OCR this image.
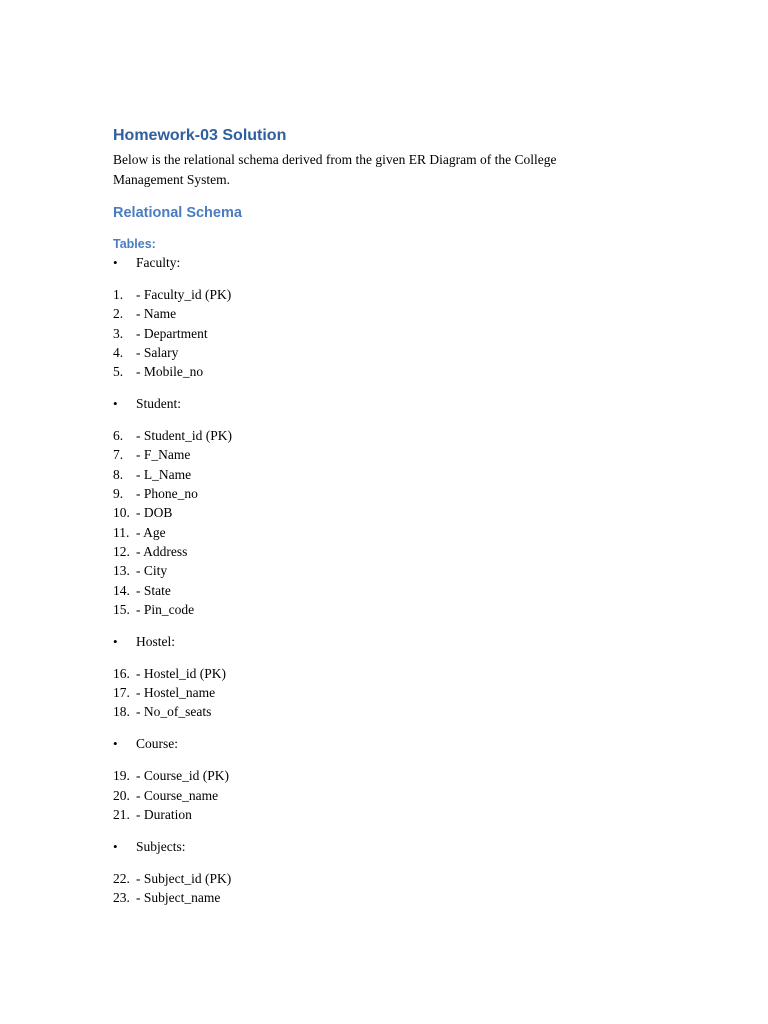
Homework-03 Solution

Below is the relational schema derived from the given ER Diagram of the College Management System.

Relational Schema
Tables:
•	Faculty:
1. - Faculty_id (PK)
2. - Name
3. - Department
4. - Salary
5. - Mobile_no
•	Student:
6. - Student_id (PK)
7. - F_Name
8. - L_Name
9. - Phone_no
10. - DOB
11. - Age
12. - Address
13. - City
14. - State
15. - Pin_code
•	Hostel:
16. - Hostel_id (PK)
17. - Hostel_name
18. - No_of_seats
•	Course:
19. - Course_id (PK)
20. - Course_name
21. - Duration
•	Subjects:
22. - Subject_id (PK)
23. - Subject_name
